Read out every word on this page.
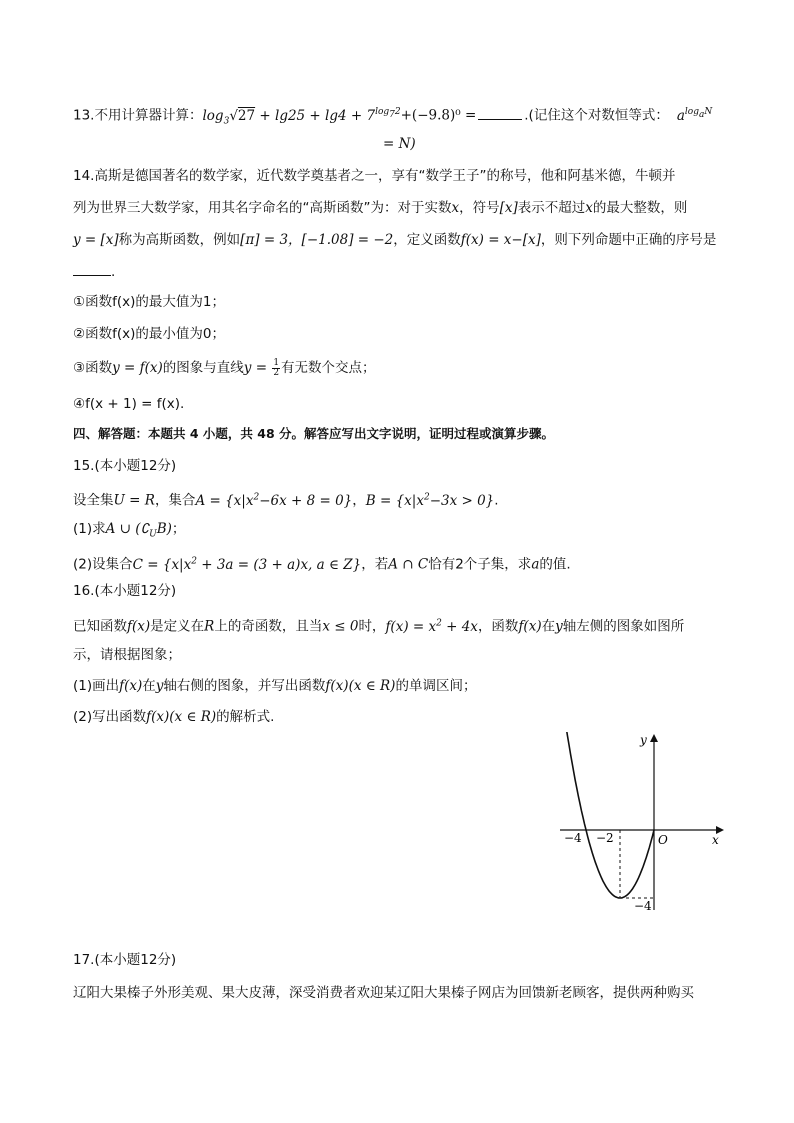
13.不用计算器计算：$\log_3√27 + \lg 25 + \lg 4 + 7^{log_72}+(-9.8)^0$ =	.(记住这个对数恒等式： $a^{log_aN}$
= N)
14.高斯是德国著名的数学家，近代数学奠基者之一，享有“数学王子”的称号，他和阿基米德，牛顿并
列为世界三大数学家，用其名字命名的“高斯函数”为：对于实数x，符号[x]表示不超过x的最大整数，则
y = [x]称为高斯函数，例如[π] = 3，[−1.08] = −2，定义函数f(x) = x−[x]，则下列命题中正确的序号是
.
①函数f(x)的最大值为1；
②函数f(x)的最小值为0；
③函数y = f(x)的图象与直线$y = \frac{1}{2}$ 有无数个交点；
④f(x + 1) = f(x).
四、解答题：本题共 4 小题，共 48 分。解答应写出文字说明，证明过程或演算步骤。
15.(本小题12分)
设全集U = R，集合$A = \{x|x^2-6x + 8 = 0\}$，$B = \{x|x^2-3x > 0\}$.
(1)求A ∪ $(∁_UB)$；
(2)设集合$C = \{x|x^2 + 3a = (3 + a)x$, a ∈ Z}，若A ∩ C恰有2个子集，求a的值.
16.(本小题12分)
已知函数f(x)是定义在R上的奇函数，且当x ≤ 0时，$f(x) = x^2 + 4x$，函数f(x)在y轴左侧的图象如图所
示，请根据图象；
(1)画出f(x)在y轴右侧的图象，并写出函数f(x)(x ∈ R)的单调区间；
(2)写出函数f(x)(x ∈ R)的解析式.
y
x
O
−4 −2
−4
17.(本小题12分)
辽阳大果榛子外形美观、果大皮薄，深受消费者欢迎某辽阳大果榛子网店为回馈新老顾客，提供两种购买
